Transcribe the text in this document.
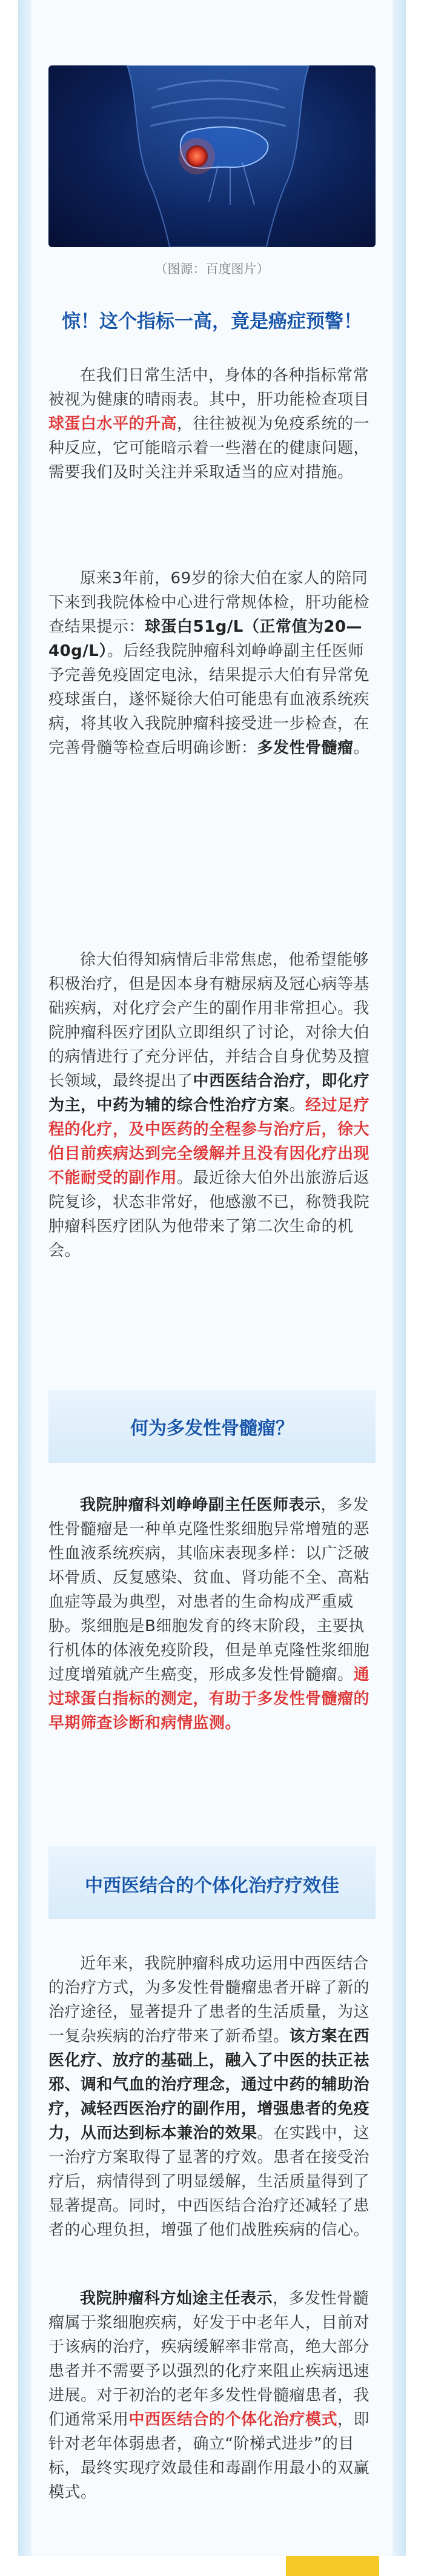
（图源：百度图片）
惊！这个指标一高，竟是癌症预警！

在我们日常生活中，身体的各种指标常常被视为健康的晴雨表。其中，肝功能检查项目球蛋白水平的升高，往往被视为免疫系统的一种反应，它可能暗示着一些潜在的健康问题，需要我们及时关注并采取适当的应对措施。

原来3年前，69岁的徐大伯在家人的陪同下来到我院体检中心进行常规体检，肝功能检查结果提示：球蛋白51g/L（正常值为20—40g/L）。后经我院肿瘤科刘峥峥副主任医师予完善免疫固定电泳，结果提示大伯有异常免疫球蛋白，遂怀疑徐大伯可能患有血液系统疾病，将其收入我院肿瘤科接受进一步检查，在完善骨髓等检查后明确诊断：多发性骨髓瘤。

徐大伯得知病情后非常焦虑，他希望能够积极治疗，但是因本身有糖尿病及冠心病等基础疾病，对化疗会产生的副作用非常担心。我院肿瘤科医疗团队立即组织了讨论，对徐大伯的病情进行了充分评估，并结合自身优势及擅长领域，最终提出了中西医结合治疗，即化疗为主，中药为辅的综合性治疗方案。经过足疗程的化疗，及中医药的全程参与治疗后，徐大伯目前疾病达到完全缓解并且没有因化疗出现不能耐受的副作用。最近徐大伯外出旅游后返院复诊，状态非常好，他感激不已，称赞我院肿瘤科医疗团队为他带来了第二次生命的机会。

何为多发性骨髓瘤？

我院肿瘤科刘峥峥副主任医师表示，多发性骨髓瘤是一种单克隆性浆细胞异常增殖的恶性血液系统疾病，其临床表现多样：以广泛破坏骨质、反复感染、贫血、肾功能不全、高粘血症等最为典型，对患者的生命构成严重威胁。浆细胞是B细胞发育的终末阶段，主要执行机体的体液免疫阶段，但是单克隆性浆细胞过度增殖就产生癌变，形成多发性骨髓瘤。通过球蛋白指标的测定，有助于多发性骨髓瘤的早期筛查诊断和病情监测。

中西医结合的个体化治疗疗效佳

近年来，我院肿瘤科成功运用中西医结合的治疗方式，为多发性骨髓瘤患者开辟了新的治疗途径，显著提升了患者的生活质量，为这一复杂疾病的治疗带来了新希望。该方案在西医化疗、放疗的基础上，融入了中医的扶正祛邪、调和气血的治疗理念，通过中药的辅助治疗，减轻西医治疗的副作用，增强患者的免疫力，从而达到标本兼治的效果。在实践中，这一治疗方案取得了显著的疗效。患者在接受治疗后，病情得到了明显缓解，生活质量得到了显著提高。同时，中西医结合治疗还减轻了患者的心理负担，增强了他们战胜疾病的信心。

我院肿瘤科方灿途主任表示，多发性骨髓瘤属于浆细胞疾病，好发于中老年人，目前对于该病的治疗，疾病缓解率非常高，绝大部分患者并不需要予以强烈的化疗来阻止疾病迅速进展。对于初治的老年多发性骨髓瘤患者，我们通常采用中西医结合的个体化治疗模式，即针对老年体弱患者，确立“阶梯式进步”的目标，最终实现疗效最佳和毒副作用最小的双赢模式。
